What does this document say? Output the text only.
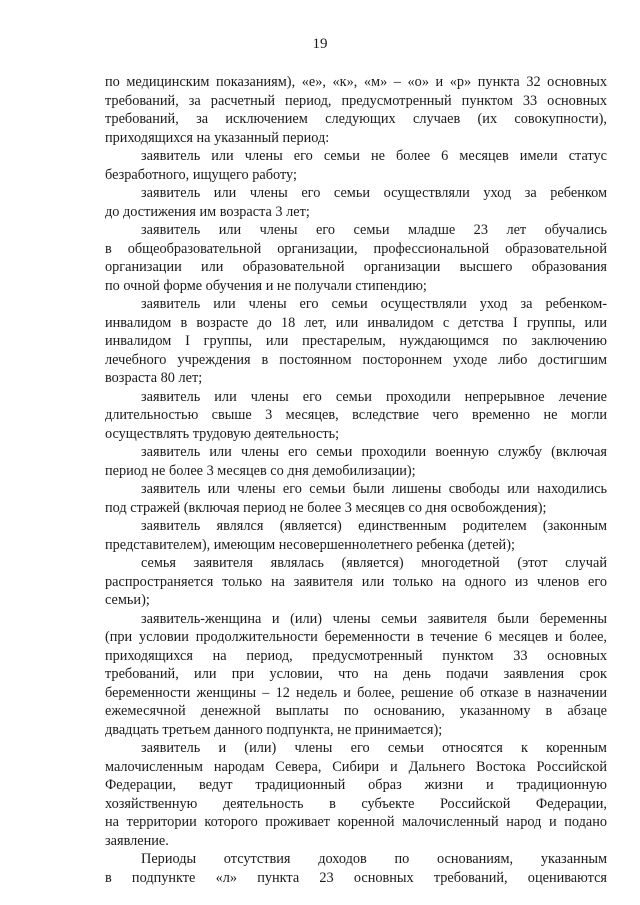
19

по медицинским показаниям), «е», «к», «м» – «о» и «р» пункта 32 основных
требований, за расчетный период, предусмотренный пунктом 33 основных
требований, за исключением следующих случаев (их совокупности),
приходящихся на указанный период:

заявитель или члены его семьи не более 6 месяцев имели статус
безработного, ищущего работу;

заявитель или члены его семьи осуществляли уход за ребенком
до достижения им возраста 3 лет;

заявитель или члены его семьи младше 23 лет обучались
в общеобразовательной организации, профессиональной образовательной
организации или образовательной организации высшего образования
по очной форме обучения и не получали стипендию;

заявитель или члены его семьи осуществляли уход за ребенком-
инвалидом в возрасте до 18 лет, или инвалидом с детства I группы, или
инвалидом I группы, или престарелым, нуждающимся по заключению
лечебного учреждения в постоянном постороннем уходе либо достигшим
возраста 80 лет;

заявитель или члены его семьи проходили непрерывное лечение
длительностью свыше 3 месяцев, вследствие чего временно не могли
осуществлять трудовую деятельность;

заявитель или члены его семьи проходили военную службу (включая
период не более 3 месяцев со дня демобилизации);

заявитель или члены его семьи были лишены свободы или находились
под стражей (включая период не более 3 месяцев со дня освобождения);

заявитель являлся (является) единственным родителем (законным
представителем), имеющим несовершеннолетнего ребенка (детей);

семья заявителя являлась (является) многодетной (этот случай
распространяется только на заявителя или только на одного из членов его
семьи);

заявитель-женщина и (или) члены семьи заявителя были беременны
(при условии продолжительности беременности в течение 6 месяцев и более,
приходящихся на период, предусмотренный пунктом 33 основных
требований, или при условии, что на день подачи заявления срок
беременности женщины – 12 недель и более, решение об отказе в назначении
ежемесячной денежной выплаты по основанию, указанному в абзаце
двадцать третьем данного подпункта, не принимается);

заявитель и (или) члены его семьи относятся к коренным
малочисленным народам Севера, Сибири и Дальнего Востока Российской
Федерации, ведут традиционный образ жизни и традиционную
хозяйственную деятельность в субъекте Российской Федерации,
на территории которого проживает коренной малочисленный народ и подано
заявление.

Периоды отсутствия доходов по основаниям, указанным
в подпункте «л» пункта 23 основных требований, оцениваются
